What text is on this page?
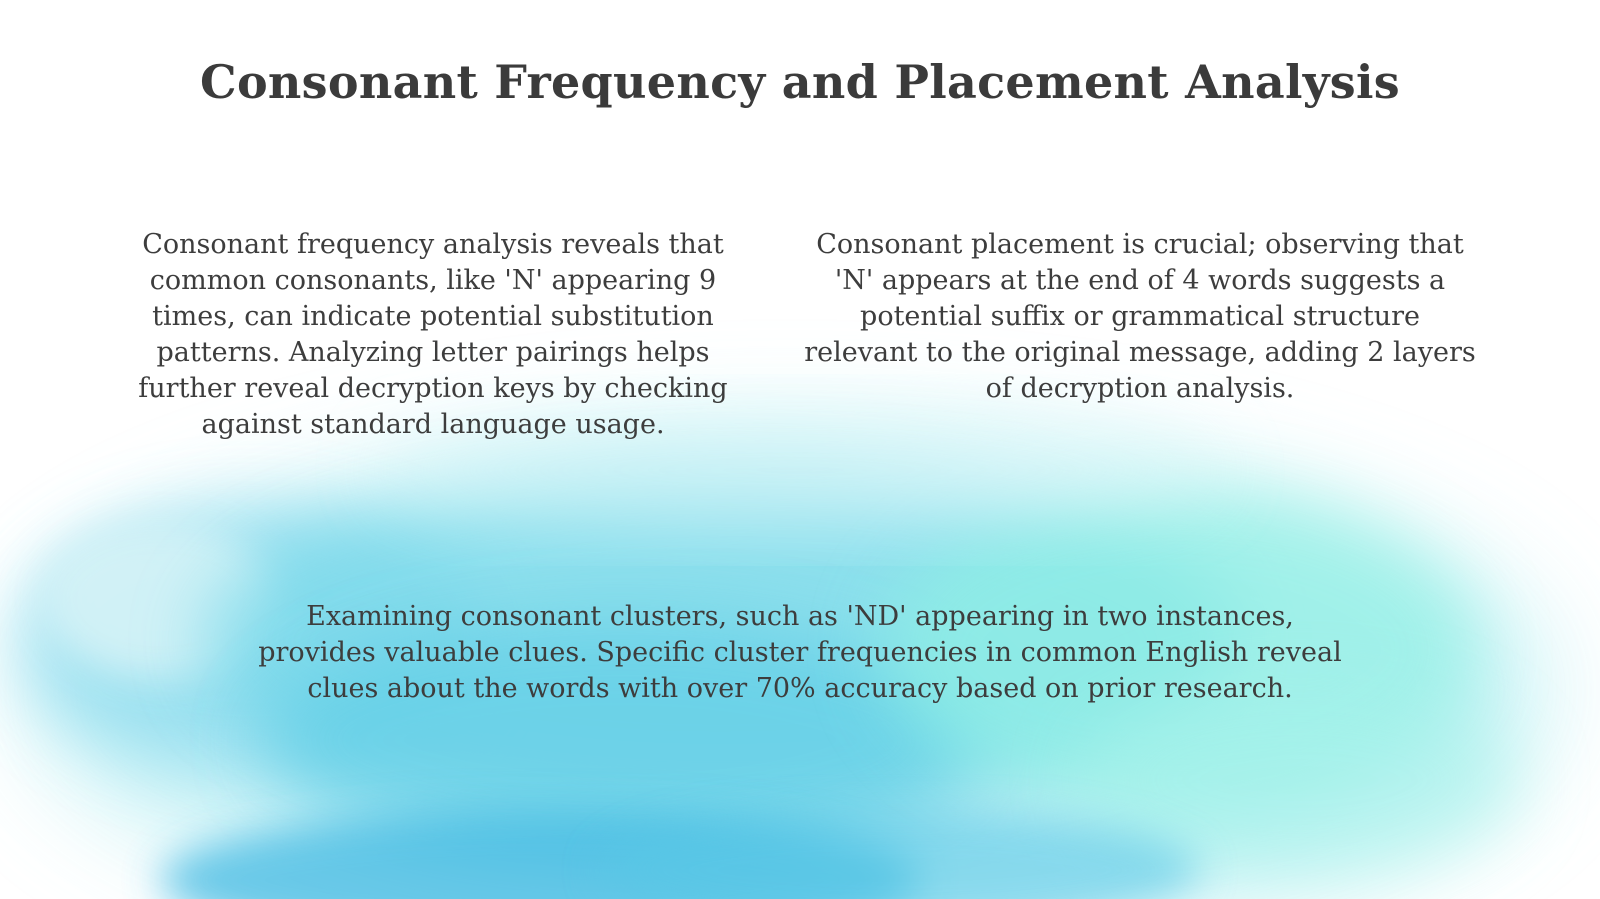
Consonant Frequency and Placement Analysis

Consonant frequency analysis reveals that common consonants, like 'N' appearing 9 times, can indicate potential substitution patterns. Analyzing letter pairings helps further reveal decryption keys by checking against standard language usage.

Consonant placement is crucial; observing that 'N' appears at the end of 4 words suggests a potential suffix or grammatical structure relevant to the original message, adding 2 layers of decryption analysis.

Examining consonant clusters, such as 'ND' appearing in two instances, provides valuable clues. Specific cluster frequencies in common English reveal clues about the words with over 70% accuracy based on prior research.
